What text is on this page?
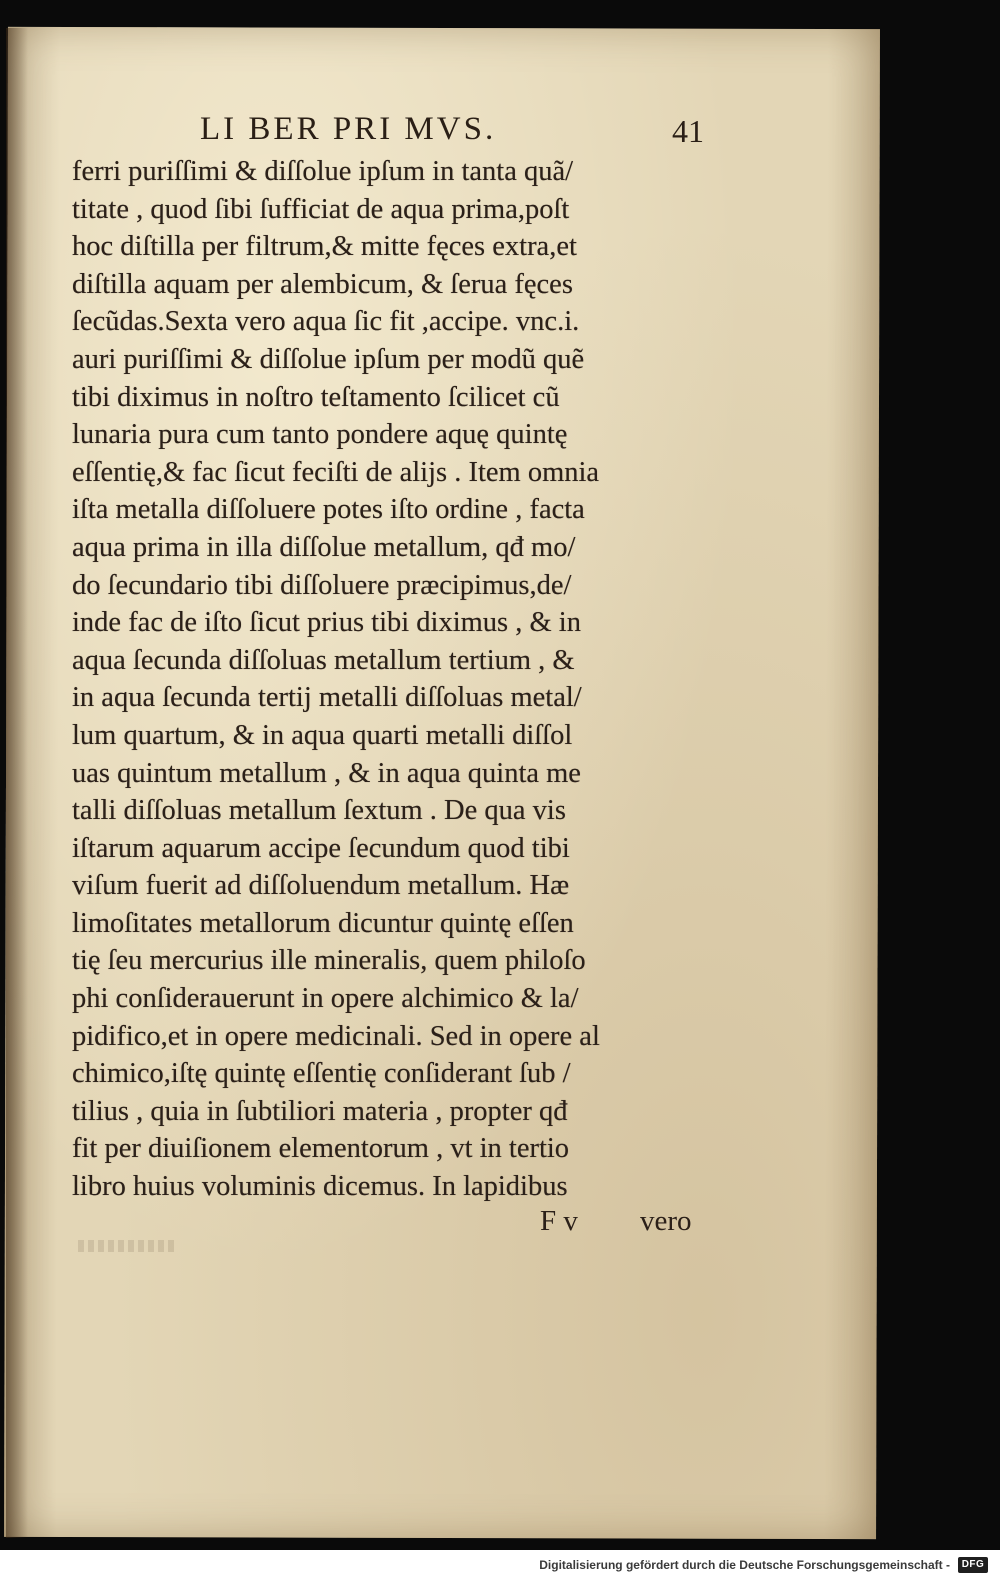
LI BER PRI MVS.	41
ferri puriſſimi & diſſolue ipſum in tanta quã/
titate , quod ſibi ſufficiat de aqua prima,poſt
hoc diſtilla per filtrum,& mitte fęces extra,et
diſtilla aquam per alembicum, & ſerua fęces
ſecũdas.Sexta vero aqua ſic fit ,accipe. vnc.i.
auri puriſſimi & diſſolue ipſum per modũ quẽ
tibi diximus in noſtro teſtamento ſcilicet cũ
lunaria pura cum tanto pondere aquę quintę
eſſentię,& fac ſicut feciſti de alijs . Item omnia
iſta metalla diſſoluere potes iſto ordine , facta
aqua prima in illa diſſolue metallum, qđ mo/
do ſecundario tibi diſſoluere præcipimus,de/
inde fac de iſto ſicut prius tibi diximus , & in
aqua ſecunda diſſoluas metallum tertium , &
in aqua ſecunda tertij metalli diſſoluas metal/
lum quartum, & in aqua quarti metalli diſſol
uas quintum metallum , & in aqua quinta me
talli diſſoluas metallum ſextum . De qua vis
iſtarum aquarum accipe ſecundum quod tibi
viſum fuerit ad diſſoluendum metallum. Hæ
limoſitates metallorum dicuntur quintę eſſen
tię ſeu mercurius ille mineralis, quem philoſo
phi conſiderauerunt in opere alchimico & la/
pidifico,et in opere medicinali. Sed in opere al
chimico,iſtę quintę eſſentię conſiderant ſub /
tilius , quia in ſubtiliori materia , propter qđ
fit per diuiſionem elementorum , vt in tertio
libro huius voluminis dicemus. In lapidibus
F v vero
Digitalisierung gefördert durch die Deutsche Forschungsgemeinschaft -	DFG
